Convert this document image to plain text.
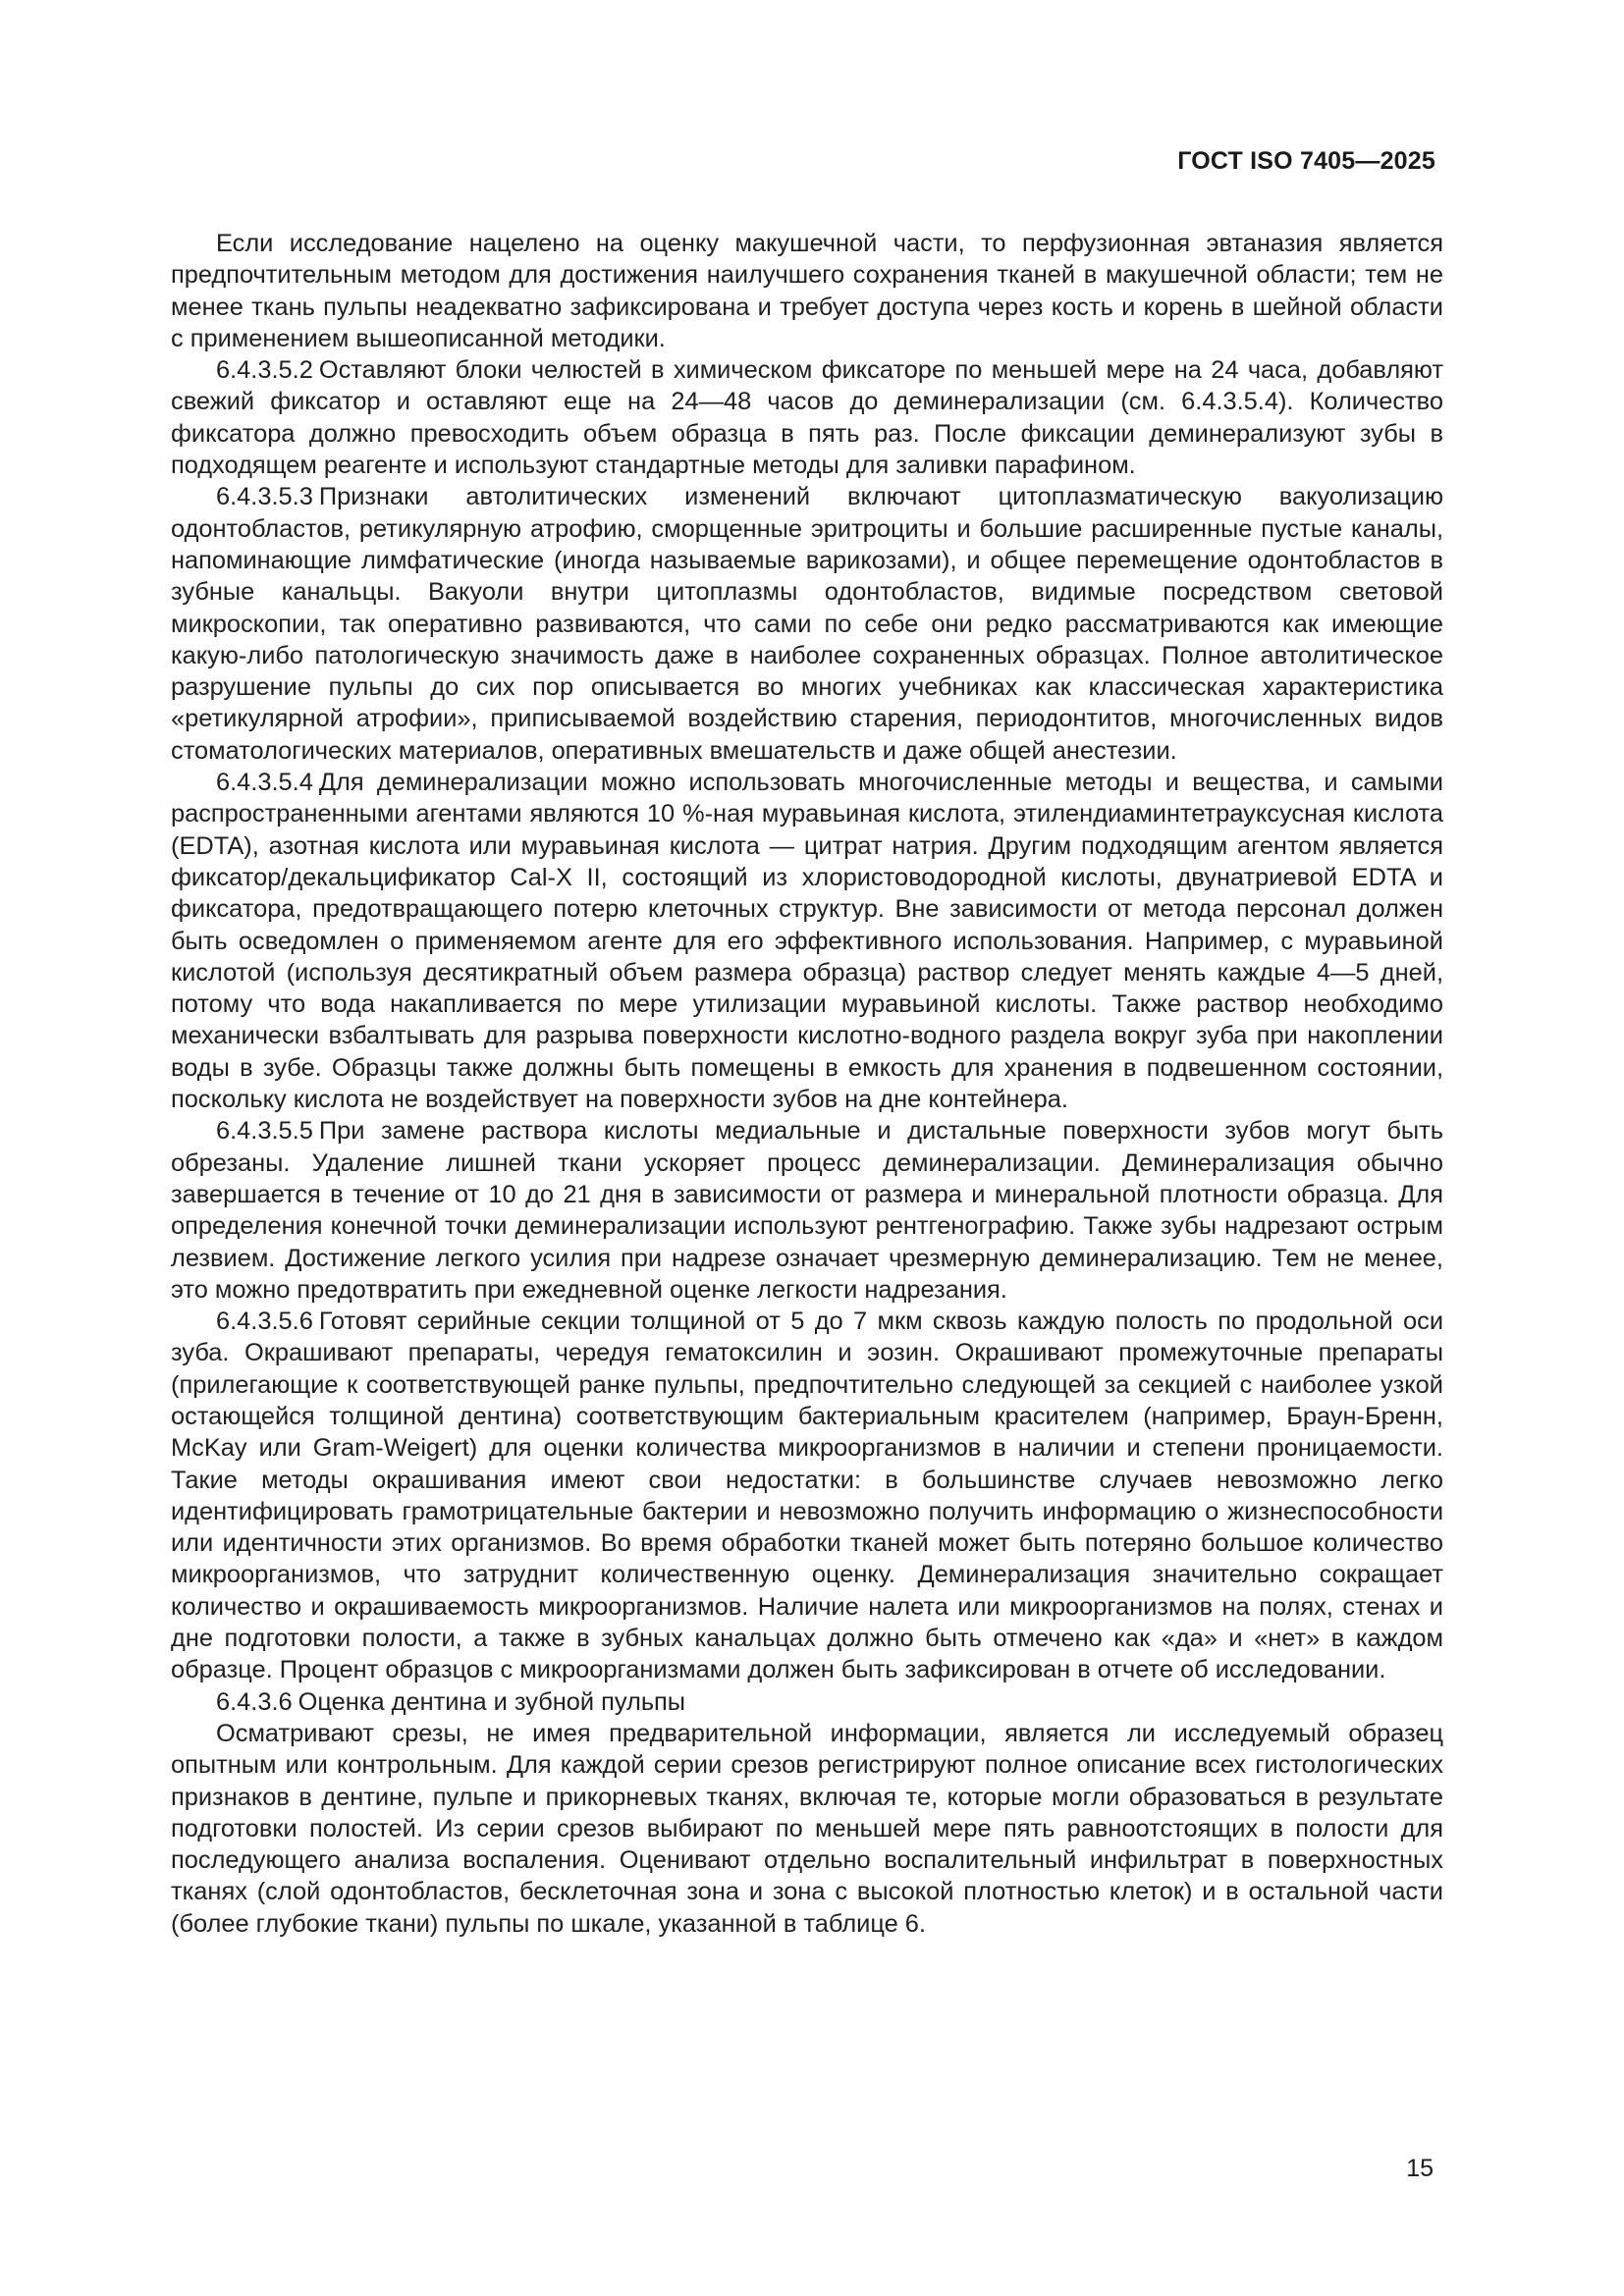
ГОСТ ISO 7405—2025

Если исследование нацелено на оценку макушечной части, то перфузионная эвтаназия является предпочтительным методом для достижения наилучшего сохранения тканей в макушечной области; тем не менее ткань пульпы неадекватно зафиксирована и требует доступа через кость и корень в шейной области с применением вышеописанной методики.

6.4.3.5.2 Оставляют блоки челюстей в химическом фиксаторе по меньшей мере на 24 часа, добавляют свежий фиксатор и оставляют еще на 24—48 часов до деминерализации (см. 6.4.3.5.4). Количество фиксатора должно превосходить объем образца в пять раз. После фиксации деминерализуют зубы в подходящем реагенте и используют стандартные методы для заливки парафином.

6.4.3.5.3 Признаки автолитических изменений включают цитоплазматическую вакуолизацию одонтобластов, ретикулярную атрофию, сморщенные эритроциты и большие расширенные пустые каналы, напоминающие лимфатические (иногда называемые варикозами), и общее перемещение одонтобластов в зубные канальцы. Вакуоли внутри цитоплазмы одонтобластов, видимые посредством световой микроскопии, так оперативно развиваются, что сами по себе они редко рассматриваются как имеющие какую-либо патологическую значимость даже в наиболее сохраненных образцах. Полное автолитическое разрушение пульпы до сих пор описывается во многих учебниках как классическая характеристика «ретикулярной атрофии», приписываемой воздействию старения, периодонтитов, многочисленных видов стоматологических материалов, оперативных вмешательств и даже общей анестезии.

6.4.3.5.4 Для деминерализации можно использовать многочисленные методы и вещества, и самыми распространенными агентами являются 10 %-ная муравьиная кислота, этилендиаминтетрауксусная кислота (EDTA), азотная кислота или муравьиная кислота — цитрат натрия. Другим подходящим агентом является фиксатор/декальцификатор Cal-X II, состоящий из хлористоводородной кислоты, двунатриевой EDTA и фиксатора, предотвращающего потерю клеточных структур. Вне зависимости от метода персонал должен быть осведомлен о применяемом агенте для его эффективного использования. Например, с муравьиной кислотой (используя десятикратный объем размера образца) раствор следует менять каждые 4—5 дней, потому что вода накапливается по мере утилизации муравьиной кислоты. Также раствор необходимо механически взбалтывать для разрыва поверхности кислотно-водного раздела вокруг зуба при накоплении воды в зубе. Образцы также должны быть помещены в емкость для хранения в подвешенном состоянии, поскольку кислота не воздействует на поверхности зубов на дне контейнера.

6.4.3.5.5 При замене раствора кислоты медиальные и дистальные поверхности зубов могут быть обрезаны. Удаление лишней ткани ускоряет процесс деминерализации. Деминерализация обычно завершается в течение от 10 до 21 дня в зависимости от размера и минеральной плотности образца. Для определения конечной точки деминерализации используют рентгенографию. Также зубы надрезают острым лезвием. Достижение легкого усилия при надрезе означает чрезмерную деминерализацию. Тем не менее, это можно предотвратить при ежедневной оценке легкости надрезания.

6.4.3.5.6 Готовят серийные секции толщиной от 5 до 7 мкм сквозь каждую полость по продольной оси зуба. Окрашивают препараты, чередуя гематоксилин и эозин. Окрашивают промежуточные препараты (прилегающие к соответствующей ранке пульпы, предпочтительно следующей за секцией с наиболее узкой остающейся толщиной дентина) соответствующим бактериальным красителем (например, Браун-Бренн, McKay или Gram-Weigert) для оценки количества микроорганизмов в наличии и степени проницаемости. Такие методы окрашивания имеют свои недостатки: в большинстве случаев невозможно легко идентифицировать грамотрицательные бактерии и невозможно получить информацию о жизнеспособности или идентичности этих организмов. Во время обработки тканей может быть потеряно большое количество микроорганизмов, что затруднит количественную оценку. Деминерализация значительно сокращает количество и окрашиваемость микроорганизмов. Наличие налета или микроорганизмов на полях, стенах и дне подготовки полости, а также в зубных канальцах должно быть отмечено как «да» и «нет» в каждом образце. Процент образцов с микроорганизмами должен быть зафиксирован в отчете об исследовании.

6.4.3.6 Оценка дентина и зубной пульпы

Осматривают срезы, не имея предварительной информации, является ли исследуемый образец опытным или контрольным. Для каждой серии срезов регистрируют полное описание всех гистологических признаков в дентине, пульпе и прикорневых тканях, включая те, которые могли образоваться в результате подготовки полостей. Из серии срезов выбирают по меньшей мере пять равноотстоящих в полости для последующего анализа воспаления. Оценивают отдельно воспалительный инфильтрат в поверхностных тканях (слой одонтобластов, бесклеточная зона и зона с высокой плотностью клеток) и в остальной части (более глубокие ткани) пульпы по шкале, указанной в таблице 6.

15
